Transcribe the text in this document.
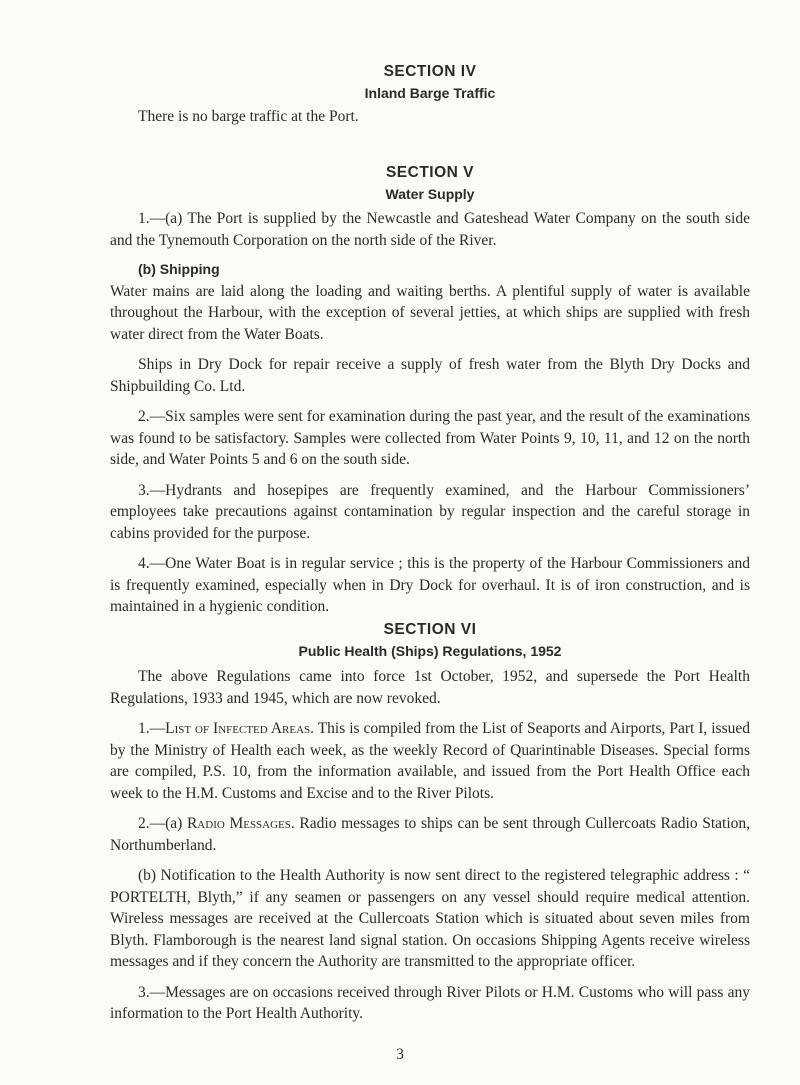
SECTION IV
Inland Barge Traffic

There is no barge traffic at the Port.

SECTION V
Water Supply

1.—(a) The Port is supplied by the Newcastle and Gateshead Water Company on the south side and the Tynemouth Corporation on the north side of the River.

(b) Shipping

Water mains are laid along the loading and waiting berths. A plentiful supply of water is available throughout the Harbour, with the exception of several jetties, at which ships are supplied with fresh water direct from the Water Boats.

Ships in Dry Dock for repair receive a supply of fresh water from the Blyth Dry Docks and Shipbuilding Co. Ltd.

2.—Six samples were sent for examination during the past year, and the result of the examinations was found to be satisfactory. Samples were collected from Water Points 9, 10, 11, and 12 on the north side, and Water Points 5 and 6 on the south side.

3.—Hydrants and hosepipes are frequently examined, and the Harbour Commissioners’ employees take precautions against contamination by regular inspection and the careful storage in cabins provided for the purpose.

4.—One Water Boat is in regular service ; this is the property of the Harbour Commissioners and is frequently examined, especially when in Dry Dock for overhaul. It is of iron construction, and is maintained in a hygienic condition.

SECTION VI
Public Health (Ships) Regulations, 1952

The above Regulations came into force 1st October, 1952, and supersede the Port Health Regulations, 1933 and 1945, which are now revoked.

1.—List of Infected Areas. This is compiled from the List of Seaports and Airports, Part I, issued by the Ministry of Health each week, as the weekly Record of Quarintinable Diseases. Special forms are compiled, P.S. 10, from the information available, and issued from the Port Health Office each week to the H.M. Customs and Excise and to the River Pilots.

2.—(a) Radio Messages. Radio messages to ships can be sent through Cullercoats Radio Station, Northumberland.

(b) Notification to the Health Authority is now sent direct to the registered telegraphic address : “ PORTELTH, Blyth,” if any seamen or passengers on any vessel should require medical attention. Wireless messages are received at the Cullercoats Station which is situated about seven miles from Blyth. Flamborough is the nearest land signal station. On occasions Shipping Agents receive wireless messages and if they concern the Authority are transmitted to the appropriate officer.

3.—Messages are on occasions received through River Pilots or H.M. Customs who will pass any information to the Port Health Authority.

3
